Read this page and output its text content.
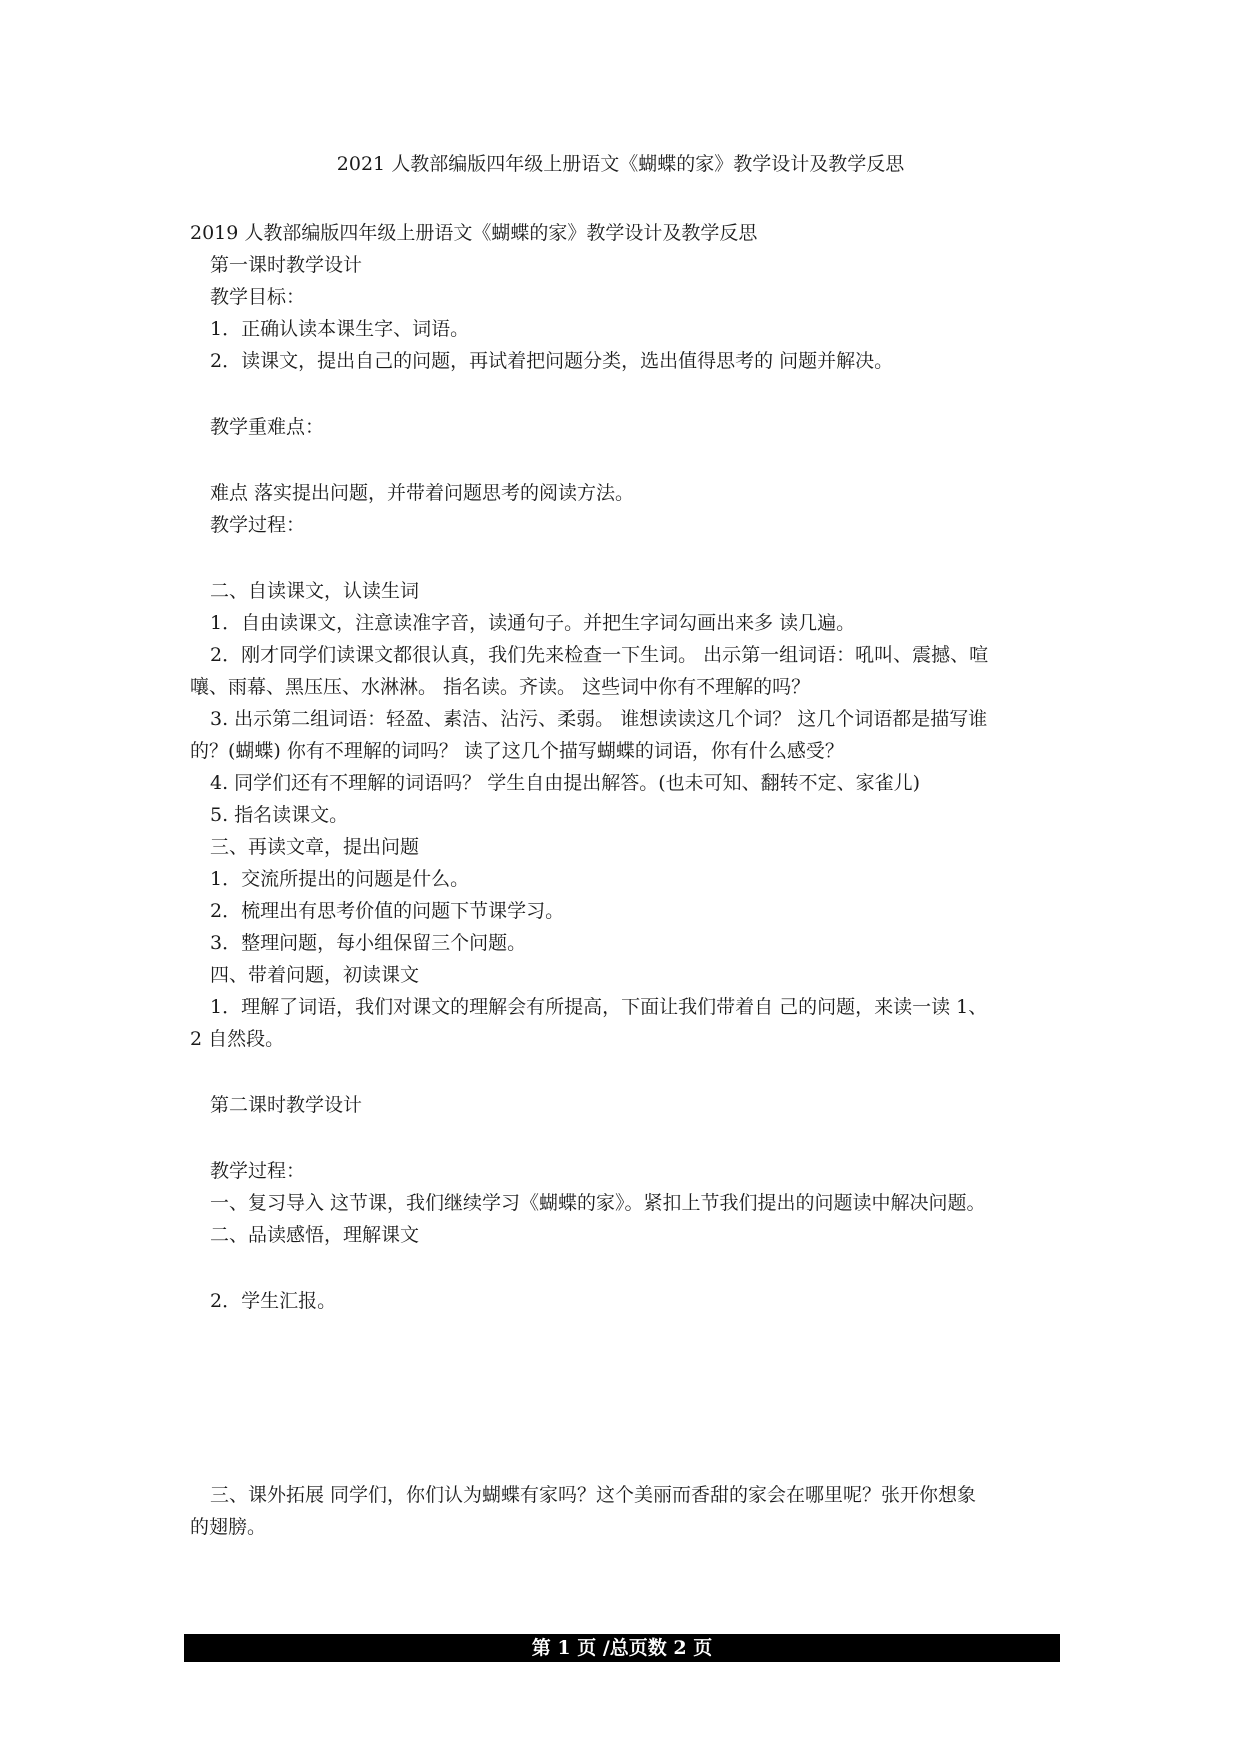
2021 人教部编版四年级上册语文《蝴蝶的家》教学设计及教学反思
2019 人教部编版四年级上册语文《蝴蝶的家》教学设计及教学反思
第一课时教学设计
教学目标：
1．正确认读本课生字、词语。
2．读课文，提出自己的问题，再试着把问题分类，选出值得思考的 问题并解决。
教学重难点：
难点 落实提出问题，并带着问题思考的阅读方法。
教学过程：
二、自读课文，认读生词
1．自由读课文，注意读准字音，读通句子。并把生字词勾画出来多 读几遍。
2．刚才同学们读课文都很认真，我们先来检查一下生词。 出示第一组词语：吼叫、震撼、喧
嚷、雨幕、黑压压、水淋淋。 指名读。齐读。 这些词中你有不理解的吗？
3. 出示第二组词语：轻盈、素洁、沾污、柔弱。 谁想读读这几个词？ 这几个词语都是描写谁
的？(蝴蝶) 你有不理解的词吗？ 读了这几个描写蝴蝶的词语，你有什么感受？
4. 同学们还有不理解的词语吗？ 学生自由提出解答。(也未可知、翻转不定、家雀儿)
5. 指名读课文。
三、再读文章，提出问题
1．交流所提出的问题是什么。
2．梳理出有思考价值的问题下节课学习。
3．整理问题，每小组保留三个问题。
四、带着问题，初读课文
1．理解了词语，我们对课文的理解会有所提高，下面让我们带着自 己的问题，来读一读 1、
2 自然段。
第二课时教学设计
教学过程：
一、复习导入 这节课，我们继续学习《蝴蝶的家》。紧扣上节我们提出的问题读中解决问题。
二、品读感悟，理解课文
2．学生汇报。
三、课外拓展 同学们，你们认为蝴蝶有家吗？这个美丽而香甜的家会在哪里呢？张开你想象
的翅膀。
第 1 页 /总页数 2 页
